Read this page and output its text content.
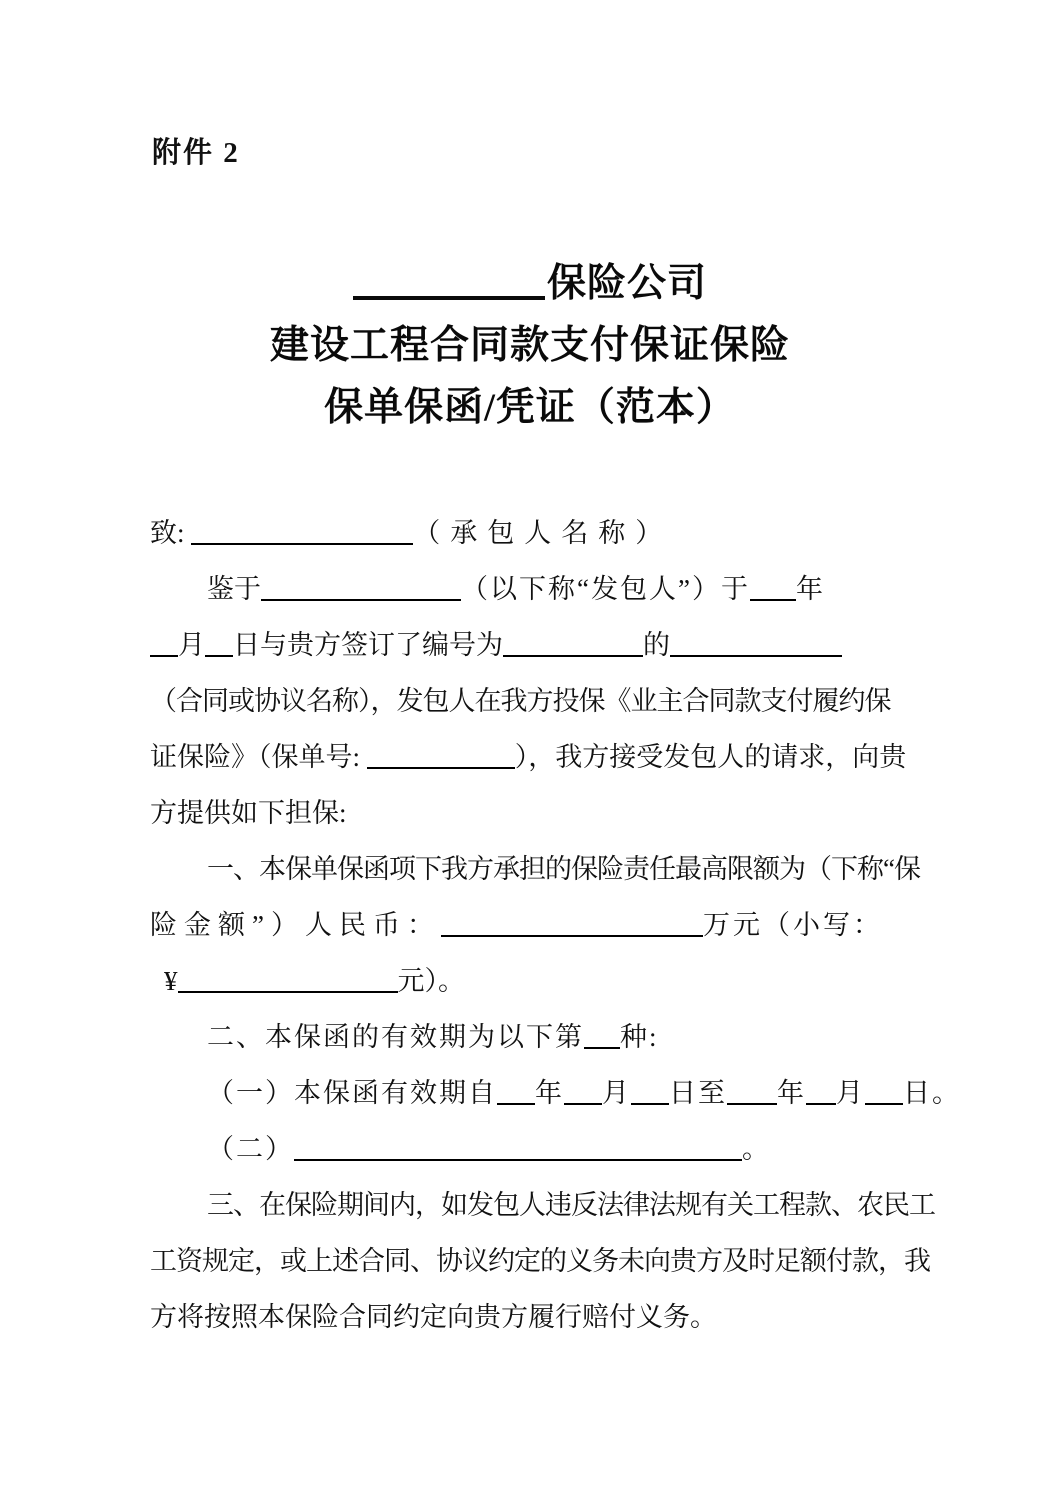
附件 2
保险公司
建设工程合同款支付保证保险
保单保函/凭证（范本）
致:	（承包人名称）
鉴于	（以下称“发包人”）于 年
月 日与贵方签订了编号为	的
（合同或协议名称），发包人在我方投保《业主合同款支付履约保
证保险》（保单号:	），我方接受发包人的请求，向贵
方提供如下担保:
一、本保单保函项下我方承担的保险责任最高限额为（下称“保
险金额”）人民币：	万元（小写：
¥	元）。
二、本保函的有效期为以下第 种:
（一）本保函有效期自 年 月 日至 年 月 日。
（二）	。
三、在保险期间内，如发包人违反法律法规有关工程款、农民工
工资规定，或上述合同、协议约定的义务未向贵方及时足额付款，我
方将按照本保险合同约定向贵方履行赔付义务。
